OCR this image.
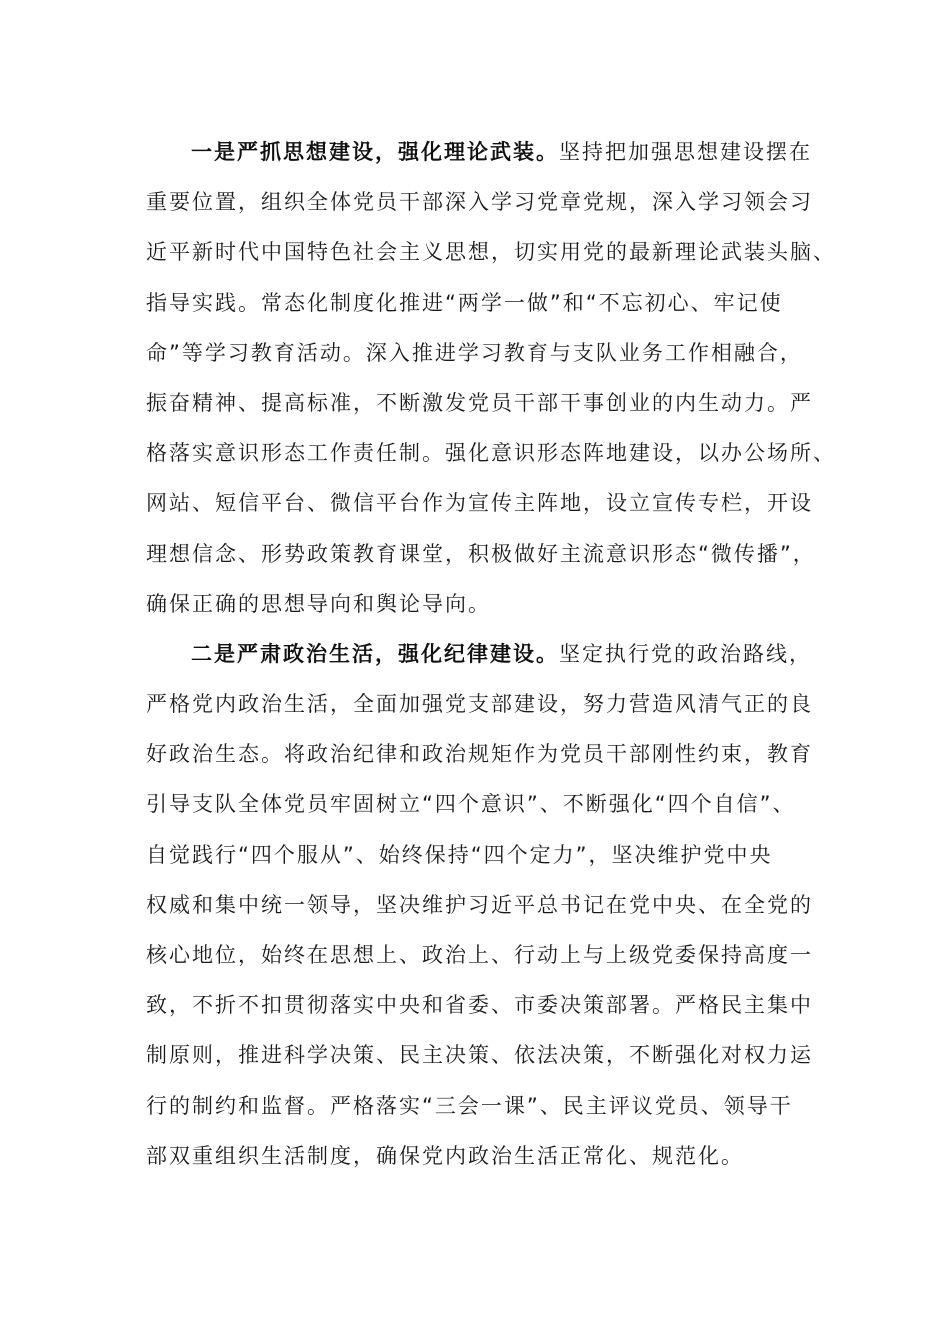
一是严抓思想建设，强化理论武装。坚持把加强思想建设摆在
重要位置，组织全体党员干部深入学习党章党规，深入学习领会习
近平新时代中国特色社会主义思想，切实用党的最新理论武装头脑、
指导实践。常态化制度化推进“两学一做”和“不忘初心、牢记使
命”等学习教育活动。深入推进学习教育与支队业务工作相融合，
振奋精神、提高标准，不断激发党员干部干事创业的内生动力。严
格落实意识形态工作责任制。强化意识形态阵地建设，以办公场所、
网站、短信平台、微信平台作为宣传主阵地，设立宣传专栏，开设
理想信念、形势政策教育课堂，积极做好主流意识形态“微传播”，
确保正确的思想导向和舆论导向。
二是严肃政治生活，强化纪律建设。坚定执行党的政治路线，
严格党内政治生活，全面加强党支部建设，努力营造风清气正的良
好政治生态。将政治纪律和政治规矩作为党员干部刚性约束，教育
引导支队全体党员牢固树立“四个意识”、不断强化“四个自信”、
自觉践行“四个服从”、始终保持“四个定力”，坚决维护党中央
权威和集中统一领导，坚决维护习近平总书记在党中央、在全党的
核心地位，始终在思想上、政治上、行动上与上级党委保持高度一
致，不折不扣贯彻落实中央和省委、市委决策部署。严格民主集中
制原则，推进科学决策、民主决策、依法决策，不断强化对权力运
行的制约和监督。严格落实“三会一课”、民主评议党员、领导干
部双重组织生活制度，确保党内政治生活正常化、规范化。
